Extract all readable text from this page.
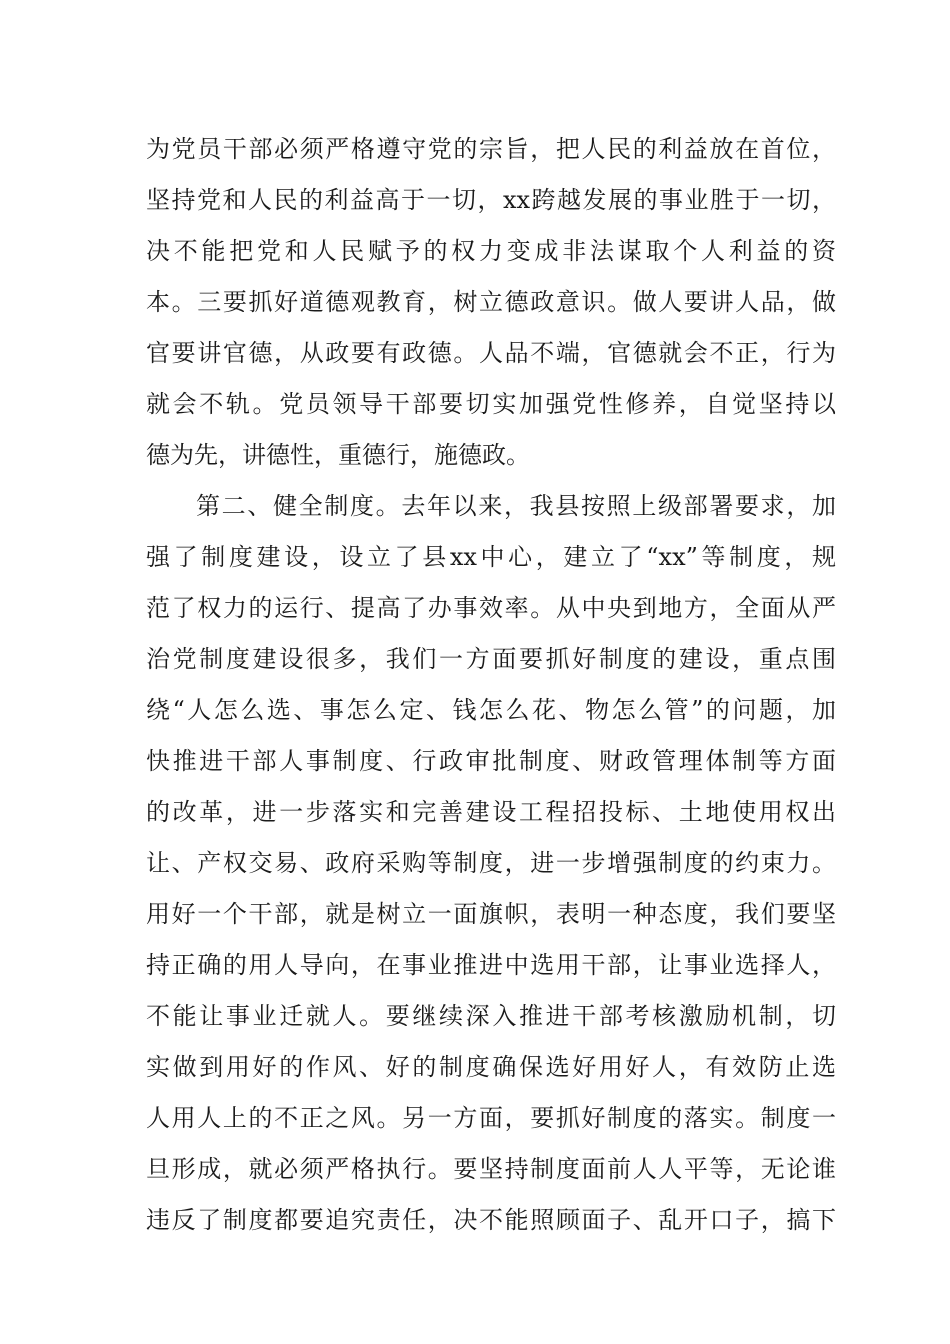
为党员干部必须严格遵守党的宗旨，把人民的利益放在首位，
坚持党和人民的利益高于一切，xx跨越发展的事业胜于一切，
决不能把党和人民赋予的权力变成非法谋取个人利益的资
本。三要抓好道德观教育，树立德政意识。做人要讲人品，做
官要讲官德，从政要有政德。人品不端，官德就会不正，行为
就会不轨。党员领导干部要切实加强党性修养，自觉坚持以
德为先，讲德性，重德行，施德政。
第二、健全制度。去年以来，我县按照上级部署要求，加
强了制度建设，设立了县xx中心，建立了“xx”等制度，规
范了权力的运行、提高了办事效率。从中央到地方，全面从严
治党制度建设很多，我们一方面要抓好制度的建设，重点围
绕“人怎么选、事怎么定、钱怎么花、物怎么管”的问题，加
快推进干部人事制度、行政审批制度、财政管理体制等方面
的改革，进一步落实和完善建设工程招投标、土地使用权出
让、产权交易、政府采购等制度，进一步增强制度的约束力。
用好一个干部，就是树立一面旗帜，表明一种态度，我们要坚
持正确的用人导向，在事业推进中选用干部，让事业选择人，
不能让事业迁就人。要继续深入推进干部考核激励机制，切
实做到用好的作风、好的制度确保选好用好人，有效防止选
人用人上的不正之风。另一方面，要抓好制度的落实。制度一
旦形成，就必须严格执行。要坚持制度面前人人平等，无论谁
违反了制度都要追究责任，决不能照顾面子、乱开口子，搞下
